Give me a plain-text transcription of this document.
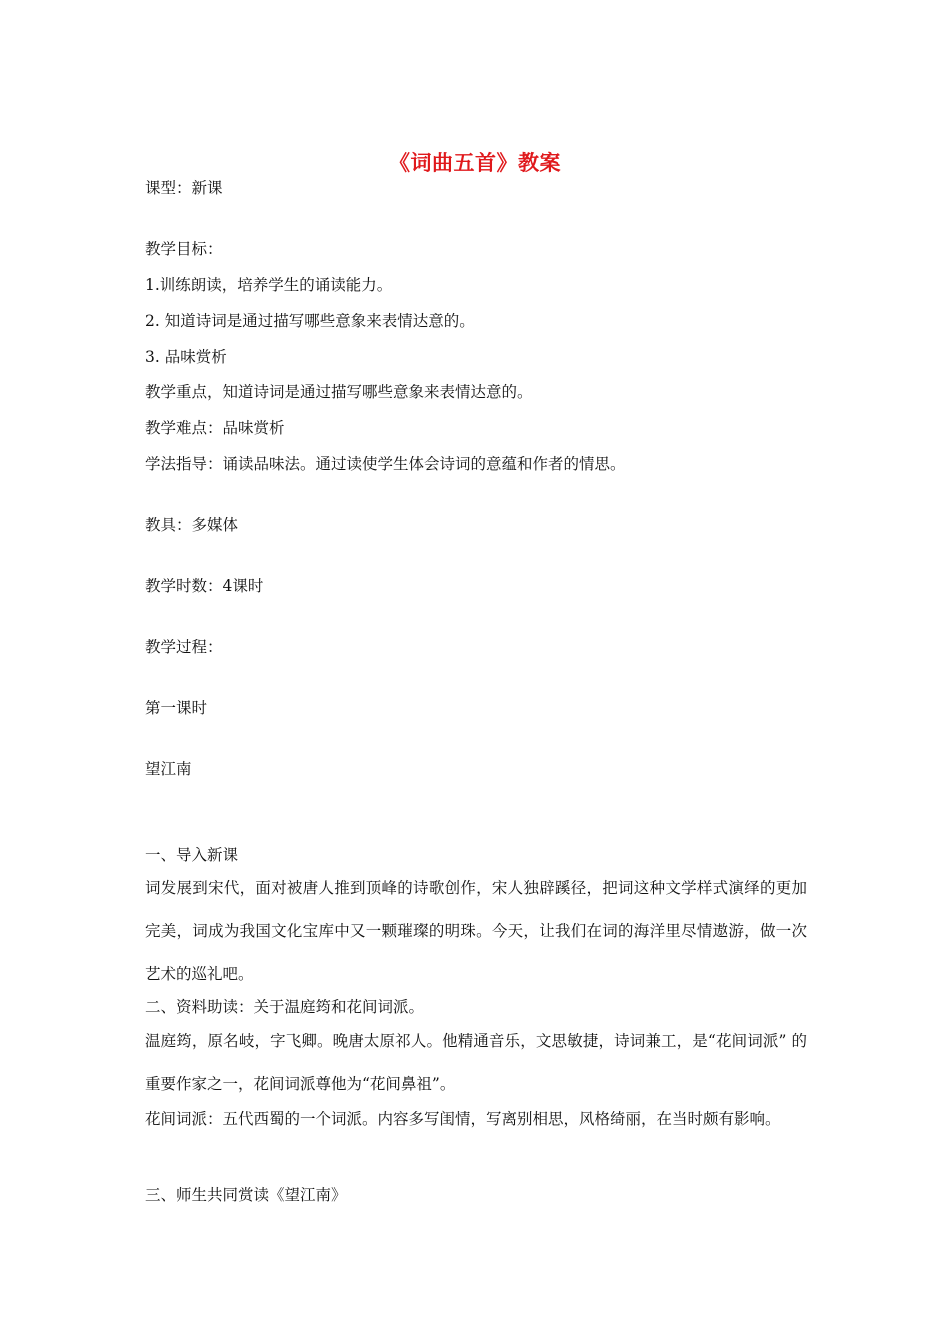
《词曲五首》教案
课型：新课
教学目标：
1.训练朗读，培养学生的诵读能力。
2. 知道诗词是通过描写哪些意象来表情达意的。
3. 品味赏析
教学重点，知道诗词是通过描写哪些意象来表情达意的。
教学难点：品味赏析
学法指导：诵读品味法。通过读使学生体会诗词的意蕴和作者的情思。
教具：多媒体
教学时数：4课时
教学过程：
第一课时
望江南
一、导入新课
词发展到宋代，面对被唐人推到顶峰的诗歌创作，宋人独辟蹊径，把词这种文学样式演绎的更加完美，词成为我国文化宝库中又一颗璀璨的明珠。今天，让我们在词的海洋里尽情遨游，做一次艺术的巡礼吧。
二、资料助读：关于温庭筠和花间词派。
温庭筠，原名岐，字飞卿。晚唐太原祁人。他精通音乐，文思敏捷，诗词兼工，是“花间词派” 的重要作家之一，花间词派尊他为“花间鼻祖”。
花间词派：五代西蜀的一个词派。内容多写闺情，写离别相思，风格绮丽，在当时颇有影响。
三、师生共同赏读《望江南》
